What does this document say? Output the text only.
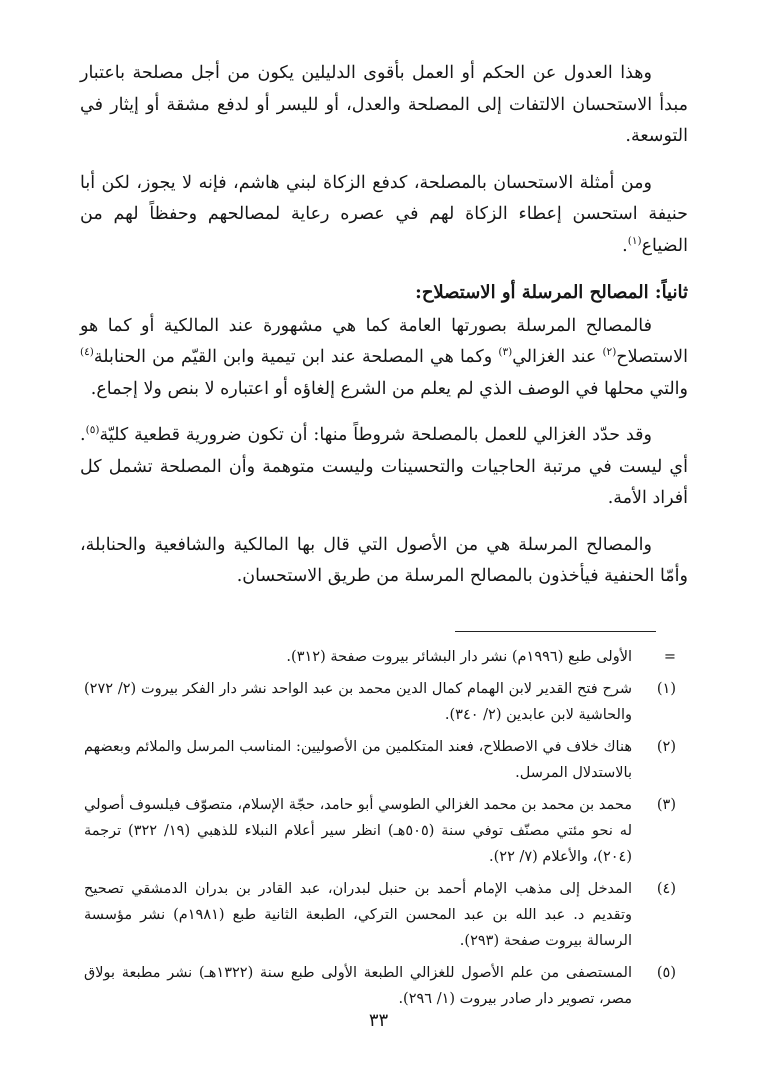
وهذا العدول عن الحكم أو العمل بأقوى الدليلين يكون من أجل مصلحة باعتبار مبدأ الاستحسان الالتفات إلى المصلحة والعدل، أو لليسر أو لدفع مشقة أو إيثار في التوسعة.

ومن أمثلة الاستحسان بالمصلحة، كدفع الزكاة لبني هاشم، فإنه لا يجوز، لكن أبا حنيفة استحسن إعطاء الزكاة لهم في عصره رعاية لمصالحهم وحفظاً لهم من الضياع$^{(١)}$.

ثانياً: المصالح المرسلة أو الاستصلاح:

فالمصالح المرسلة بصورتها العامة كما هي مشهورة عند المالكية أو كما هو الاستصلاح$^{(٢)}$ عند الغزالي$^{(٣)}$ وكما هي المصلحة عند ابن تيمية وابن القيّم من الحنابلة$^{(٤)}$ والتي محلها في الوصف الذي لم يعلم من الشرع إلغاؤه أو اعتباره لا بنص ولا إجماع.

وقد حدّد الغزالي للعمل بالمصلحة شروطاً منها: أن تكون ضرورية قطعية كليّة$^{(٥)}$. أي ليست في مرتبة الحاجيات والتحسينات وليست متوهمة وأن المصلحة تشمل كل أفراد الأمة.

والمصالح المرسلة هي من الأصول التي قال بها المالكية والشافعية والحنابلة، وأمّا الحنفية فيأخذون بالمصالح المرسلة من طريق الاستحسان.

=
الأولى طبع (١٩٩٦م) نشر دار البشائر بيروت صفحة (٣١٢).
(١)
شرح فتح القدير لابن الهمام كمال الدين محمد بن عبد الواحد نشر دار الفكر بيروت (٢/ ٢٧٢) والحاشية لابن عابدين (٢/ ٣٤٠).
(٢)
هناك خلاف في الاصطلاح، فعند المتكلمين من الأصوليين: المناسب المرسل والملائم وبعضهم بالاستدلال المرسل.
(٣)
محمد بن محمد بن محمد الغزالي الطوسي أبو حامد، حجّة الإسلام، متصوّف فيلسوف أصولي له نحو مئتي مصنّف توفي سنة (٥٠٥هـ) انظر سير أعلام النبلاء للذهبي (١٩/ ٣٢٢) ترجمة (٢٠٤)، والأعلام (٧/ ٢٢).
(٤)
المدخل إلى مذهب الإمام أحمد بن حنبل لبدران، عبد القادر بن بدران الدمشقي تصحيح وتقديم د. عبد الله بن عبد المحسن التركي، الطبعة الثانية طبع (١٩٨١م) نشر مؤسسة الرسالة بيروت صفحة (٢٩٣).
(٥)
المستصفى من علم الأصول للغزالي الطبعة الأولى طبع سنة (١٣٢٢هـ) نشر مطبعة بولاق مصر، تصوير دار صادر بيروت (١/ ٢٩٦).
٣٣
